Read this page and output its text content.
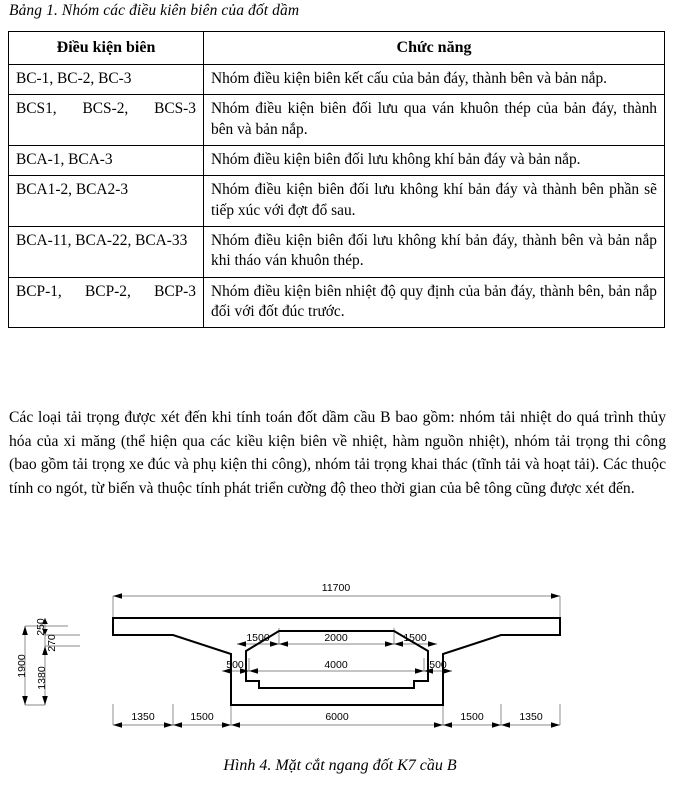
Bảng 1. Nhóm các điều kiên biên của đốt dầm
Điều kiện biên	Chức năng
BC-1, BC-2, BC-3	Nhóm điều kiện biên kết cấu của bản đáy, thành bên và bản nắp.
BCS1, BCS-2, BCS-3	Nhóm điều kiện biên đối lưu qua ván khuôn thép của bản đáy, thành bên và bản nắp.
BCA-1, BCA-3	Nhóm điều kiện biên đối lưu không khí bản đáy và bản nắp.
BCA1-2, BCA2-3	Nhóm điều kiện biên đối lưu không khí bản đáy và thành bên phần sẽ tiếp xúc với đợt đổ sau.
BCA-11, BCA-22, BCA-33	Nhóm điều kiện biên đối lưu không khí bản đáy, thành bên và bản nắp khi tháo ván khuôn thép.
BCP-1, BCP-2, BCP-3	Nhóm điều kiện biên nhiệt độ quy định của bản đáy, thành bên, bản nắp đối với đốt đúc trước.
Các loại tải trọng được xét đến khi tính toán đốt dầm cầu B bao gồm: nhóm tải nhiệt do quá trình thủy hóa của xi măng (thể hiện qua các kiều kiện biên về nhiệt, hàm nguồn nhiệt), nhóm tải trọng thi công (bao gồm tải trọng xe đúc và phụ kiện thi công), nhóm tải trọng khai thác (tĩnh tải và hoạt tải). Các thuộc tính co ngót, từ biến và thuộc tính phát triển cường độ theo thời gian của bê tông cũng được xét đến.
11700
1900
1380
250
270	1500	2000	1500
500	4000	500
1350	1500	6000	1500	1350
Hình 4. Mặt cắt ngang đốt K7 cầu B
